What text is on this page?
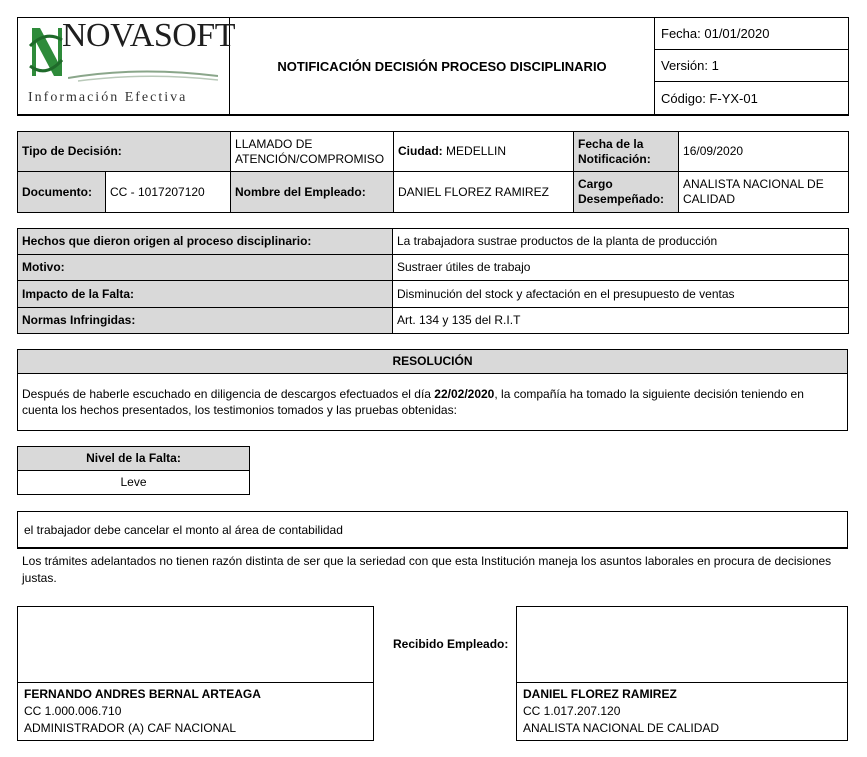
NOVASOFT
Información Efectiva
	NOTIFICACIÓN DECISIÓN PROCESO DISCIPLINARIO	Fecha: 01/01/2020
Versión: 1
Código: F-YX-01
Tipo de Decisión:		LLAMADO DE ATENCIÓN/COMPROMISO	Ciudad: MEDELLIN	Fecha de la Notificación:	16/09/2020
Documento:	CC - 1017207120	Nombre del Empleado:	DANIEL FLOREZ RAMIREZ	Cargo Desempeñado:	ANALISTA NACIONAL DE CALIDAD
Hechos que dieron origen al proceso disciplinario:	La trabajadora sustrae productos de la planta de producción
Motivo:	Sustraer útiles de trabajo
Impacto de la Falta:	Disminución del stock y afectación en el presupuesto de ventas
Normas Infringidas:	Art. 134 y 135 del R.I.T
RESOLUCIÓN
Después de haberle escuchado en diligencia de descargos efectuados el día 22/02/2020, la compañía ha tomado la siguiente decisión teniendo en cuenta los hechos presentados, los testimonios tomados y las pruebas obtenidas:
Nivel de la Falta:
Leve
el trabajador debe cancelar el monto al área de contabilidad
Los trámites adelantados no tienen razón distinta de ser que la seriedad con que esta Institución maneja los asuntos laborales en procura de decisiones justas.
FERNANDO ANDRES BERNAL ARTEAGA
CC 1.000.006.710
ADMINISTRADOR (A) CAF NACIONAL
Recibido Empleado:
DANIEL FLOREZ RAMIREZ
CC 1.017.207.120
ANALISTA NACIONAL DE CALIDAD
